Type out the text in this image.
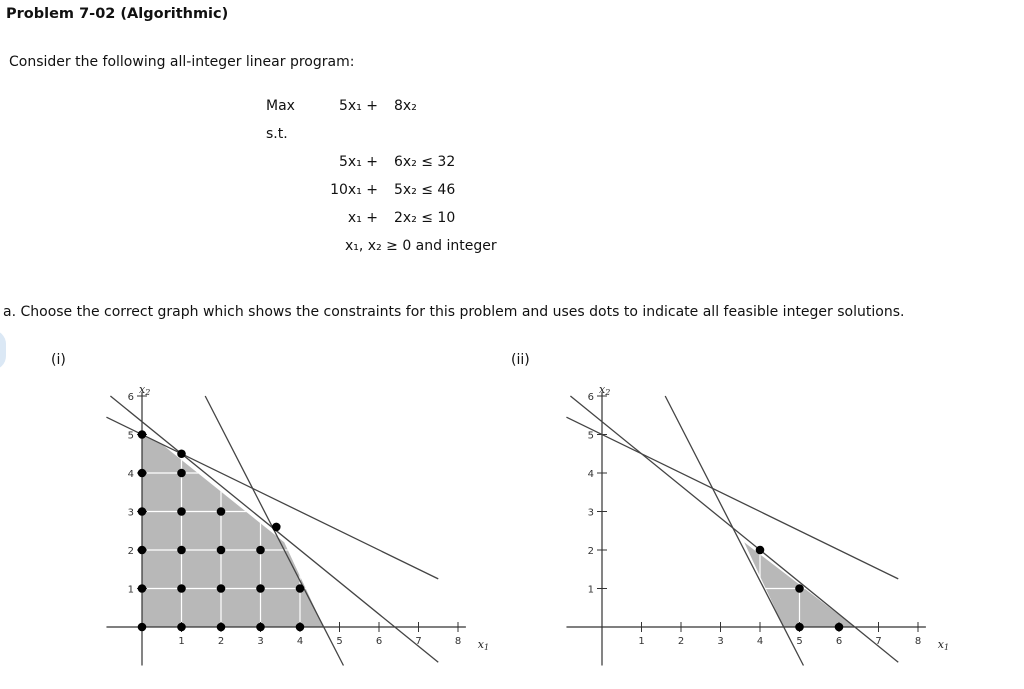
Problem 7-02 (Algorithmic)
Consider the following all-integer linear program:
Max	5x₁ + 8x₂
s.t.
5x₁ + 6x₂ ≤ 32
10x₁ + 5x₂ ≤ 46
x₁ + 2x₂ ≤ 10
x₁, x₂ ≥ 0 and integer
a. Choose the correct graph which shows the constraints for this problem and uses dots to indicate all feasible integer solutions.
(i)	(ii)
1	2	3	4	5	6	7	8
1
2
3
4
5
6
x1
x2
1	2	3	4	5	6	7	8
1
2
3
4
5
6
x1
x2
